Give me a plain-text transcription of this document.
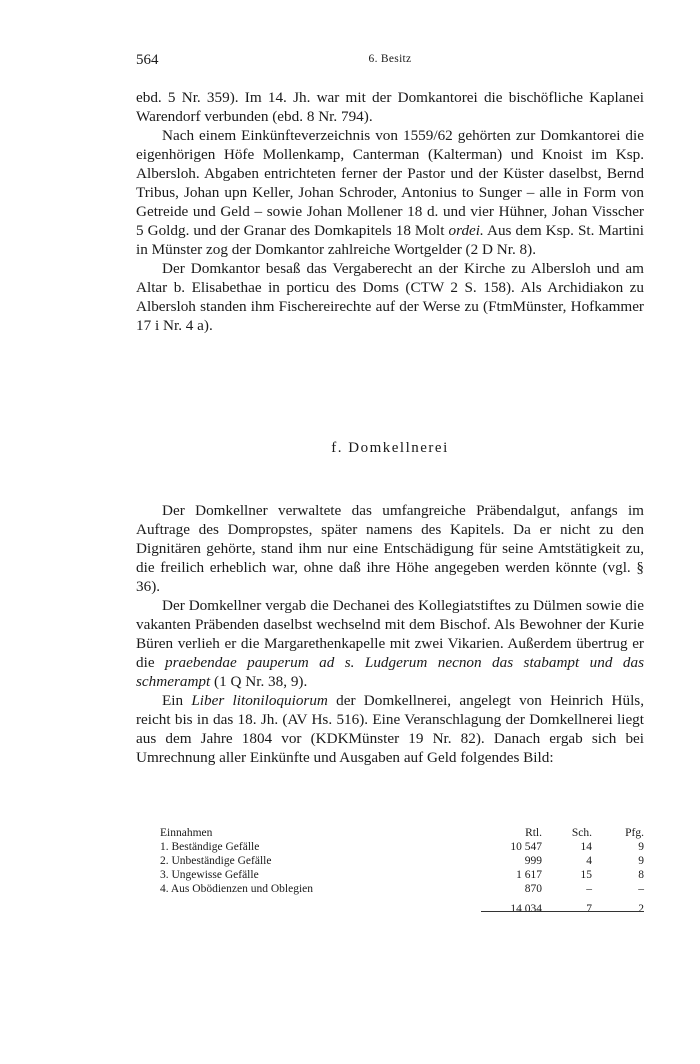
564	6. Besitz

ebd. 5 Nr. 359). Im 14. Jh. war mit der Domkantorei die bischöfliche Kaplanei Warendorf verbunden (ebd. 8 Nr. 794).

Nach einem Einkünfteverzeichnis von 1559/62 gehörten zur Domkantorei die eigenhörigen Höfe Mollenkamp, Canterman (Kalterman) und Knoist im Ksp. Albersloh. Abgaben entrichteten ferner der Pastor und der Küster daselbst, Bernd Tribus, Johan upn Keller, Johan Schroder, Antonius to Sunger – alle in Form von Getreide und Geld – sowie Johan Mollener 18 d. und vier Hühner, Johan Visscher 5 Goldg. und der Granar des Domkapitels 18 Molt ordei. Aus dem Ksp. St. Martini in Münster zog der Domkantor zahlreiche Wortgelder (2 D Nr. 8).

Der Domkantor besaß das Vergaberecht an der Kirche zu Albersloh und am Altar b. Elisabethae in porticu des Doms (CTW 2 S. 158). Als Archidiakon zu Albersloh standen ihm Fischereirechte auf der Werse zu (FtmMünster, Hofkammer 17 i Nr. 4 a).

f. Domkellnerei

Der Domkellner verwaltete das umfangreiche Präbendalgut, anfangs im Auftrage des Dompropstes, später namens des Kapitels. Da er nicht zu den Dignitären gehörte, stand ihm nur eine Entschädigung für seine Amtstätigkeit zu, die freilich erheblich war, ohne daß ihre Höhe angegeben werden könnte (vgl. § 36).

Der Domkellner vergab die Dechanei des Kollegiatstiftes zu Dülmen sowie die vakanten Präbenden daselbst wechselnd mit dem Bischof. Als Bewohner der Kurie Büren verlieh er die Margarethenkapelle mit zwei Vikarien. Außerdem übertrug er die praebendae pauperum ad s. Ludgerum necnon das stabampt und das schmerampt (1 Q Nr. 38, 9).

Ein Liber litoniloquiorum der Domkellnerei, angelegt von Heinrich Hüls, reicht bis in das 18. Jh. (AV Hs. 516). Eine Veranschlagung der Domkellnerei liegt aus dem Jahre 1804 vor (KDKMünster 19 Nr. 82). Danach ergab sich bei Umrechnung aller Einkünfte und Ausgaben auf Geld folgendes Bild:

Einnahmen	Rtl.	Sch.	Pfg.
1. Beständige Gefälle	10 547	14	9
2. Unbeständige Gefälle	999	4	9
3. Ungewisse Gefälle	1 617	15	8
4. Aus Obödienzen und Oblegien	870	–	–
	14 034	7	2
